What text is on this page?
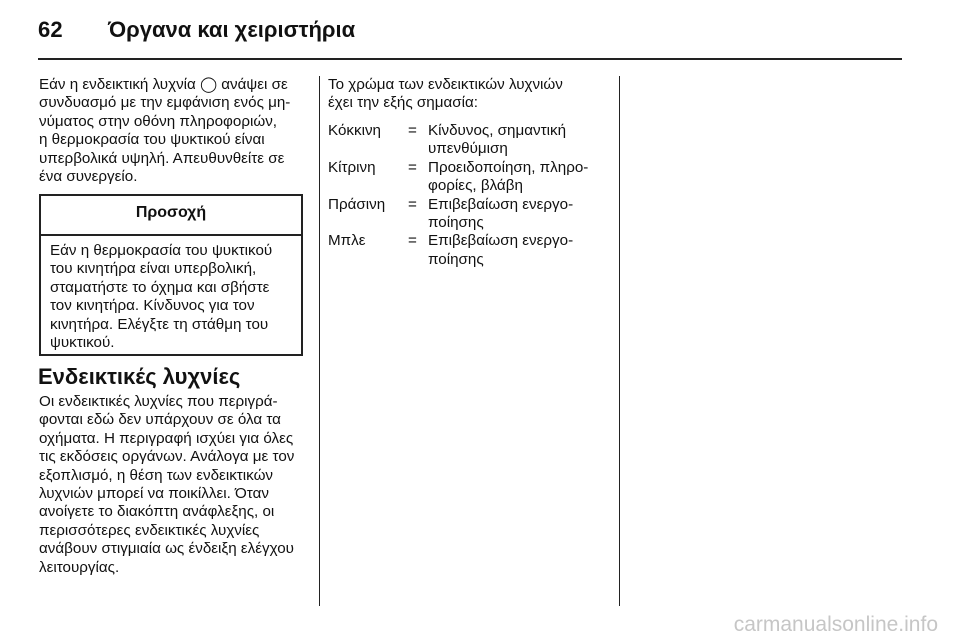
62 Όργανα και χειριστήρια
Εάν η ενδεικτική λυχνία ◯ ανάψει σε
συνδυασμό με την εμφάνιση ενός μη-
νύματος στην οθόνη πληροφοριών,
η θερμοκρασία του ψυκτικού είναι
υπερβολικά υψηλή. Απευθυνθείτε σε
ένα συνεργείο.
Προσοχή
Εάν η θερμοκρασία του ψυκτικού
του κινητήρα είναι υπερβολική,
σταματήστε το όχημα και σβήστε
τον κινητήρα. Κίνδυνος για τον
κινητήρα. Ελέγξτε τη στάθμη του
ψυκτικού.
Ενδεικτικές λυχνίες
Οι ενδεικτικές λυχνίες που περιγρά-
φονται εδώ δεν υπάρχουν σε όλα τα
οχήματα. Η περιγραφή ισχύει για όλες
τις εκδόσεις οργάνων. Ανάλογα με τον
εξοπλισμό, η θέση των ενδεικτικών
λυχνιών μπορεί να ποικίλλει. Όταν
ανοίγετε το διακόπτη ανάφλεξης, οι
περισσότερες ενδεικτικές λυχνίες
ανάβουν στιγμιαία ως ένδειξη ελέγχου
λειτουργίας.
Το χρώμα των ενδεικτικών λυχνιών
έχει την εξής σημασία:
Κόκκινη	= Κίνδυνος, σημαντική
υπενθύμιση
Κίτρινη	= Προειδοποίηση, πληρο-
φορίες, βλάβη
Πράσινη	= Επιβεβαίωση ενεργο-
ποίησης
Μπλε	= Επιβεβαίωση ενεργο-
ποίησης
carmanualsonline.info
